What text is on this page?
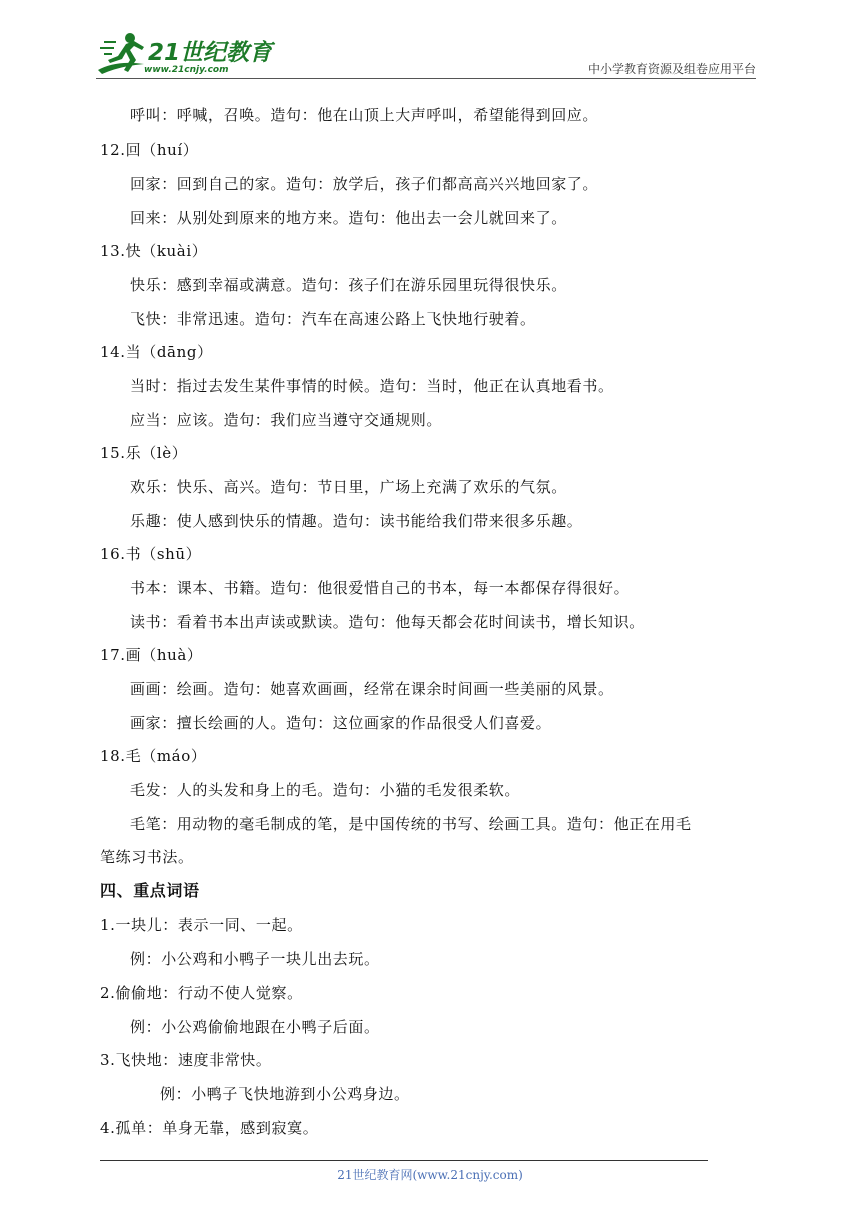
21世纪教育
www.21cnjy.com	中小学教育资源及组卷应用平台
呼叫：呼喊，召唤。造句：他在山顶上大声呼叫，希望能得到回应。
12.回（huí）
回家：回到自己的家。造句：放学后，孩子们都高高兴兴地回家了。
回来：从别处到原来的地方来。造句：他出去一会儿就回来了。
13.快（kuài）
快乐：感到幸福或满意。造句：孩子们在游乐园里玩得很快乐。
飞快：非常迅速。造句：汽车在高速公路上飞快地行驶着。
14.当（dāng）
当时：指过去发生某件事情的时候。造句：当时，他正在认真地看书。
应当：应该。造句：我们应当遵守交通规则。
15.乐（lè）
欢乐：快乐、高兴。造句：节日里，广场上充满了欢乐的气氛。
乐趣：使人感到快乐的情趣。造句：读书能给我们带来很多乐趣。
16.书（shū）
书本：课本、书籍。造句：他很爱惜自己的书本，每一本都保存得很好。
读书：看着书本出声读或默读。造句：他每天都会花时间读书，增长知识。
17.画（huà）
画画：绘画。造句：她喜欢画画，经常在课余时间画一些美丽的风景。
画家：擅长绘画的人。造句：这位画家的作品很受人们喜爱。
18.毛（máo）
毛发：人的头发和身上的毛。造句：小猫的毛发很柔软。
毛笔：用动物的毫毛制成的笔，是中国传统的书写、绘画工具。造句：他正在用毛
笔练习书法。
四、重点词语
1.一块儿：表示一同、一起。
例：小公鸡和小鸭子一块儿出去玩。
2.偷偷地：行动不使人觉察。
例：小公鸡偷偷地跟在小鸭子后面。
3.飞快地：速度非常快。
例：小鸭子飞快地游到小公鸡身边。
4.孤单：单身无靠，感到寂寞。
21世纪教育网(www.21cnjy.com)
